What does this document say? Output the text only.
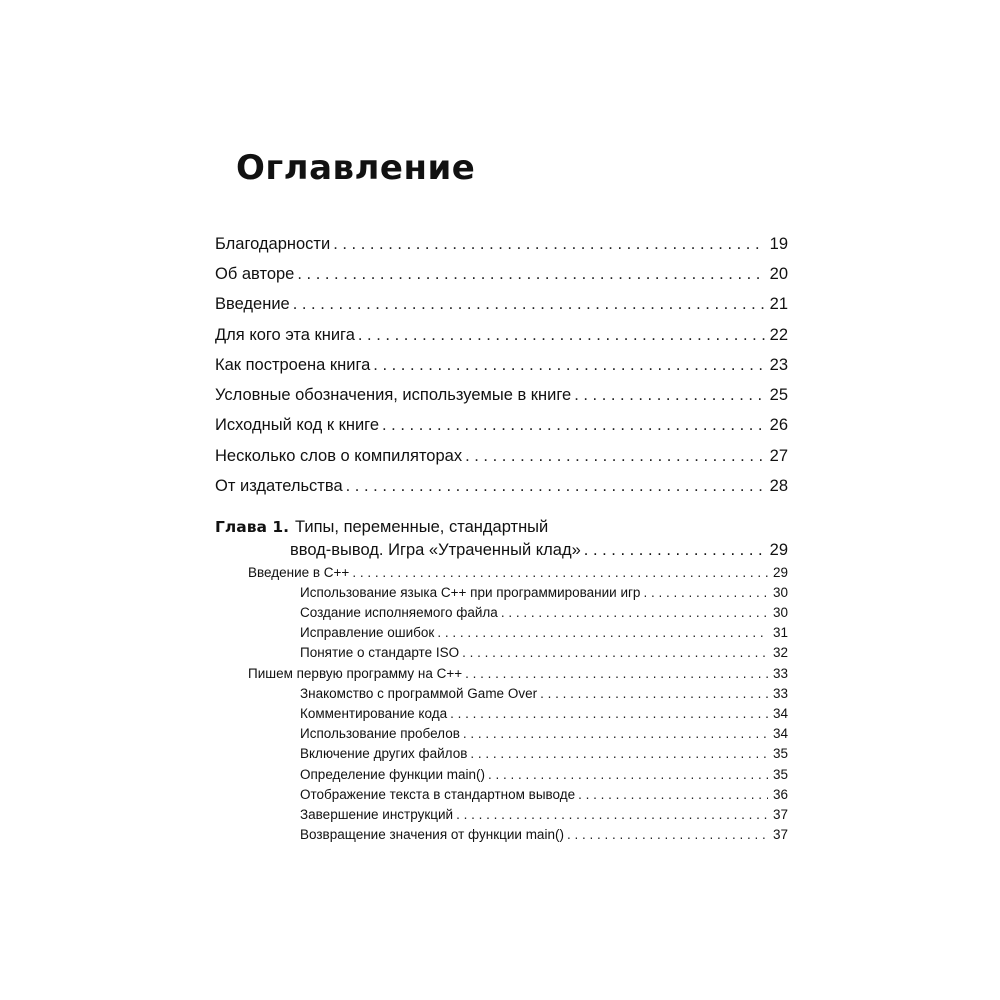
Оглавление
Благодарности . . .	19
Об авторе . . .	20
Введение . . .	21
Для кого эта книга . . .	22
Как построена книга . . .	23
Условные обозначения, используемые в книге . . .	25
Исходный код к книге . . .	26
Несколько слов о компиляторах . . .	27
От издательства . . .	28
Глава 1. Типы, переменные, стандартный
ввод-вывод. Игра «Утраченный клад» . . .	29
Введение в С++ . . .	29
Использование языка С++ при программировании игр . . .	30
Создание исполняемого файла . . .	30
Исправление ошибок . . .	31
Понятие о стандарте ISO . . .	32
Пишем первую программу на С++ . . .	33
Знакомство с программой Game Over . . .	33
Комментирование кода . . .	34
Использование пробелов . . .	34
Включение других файлов . . .	35
Определение функции main() . . .	35
Отображение текста в стандартном выводе . . .	36
Завершение инструкций . . .	37
Возвращение значения от функции main() . . .	37
